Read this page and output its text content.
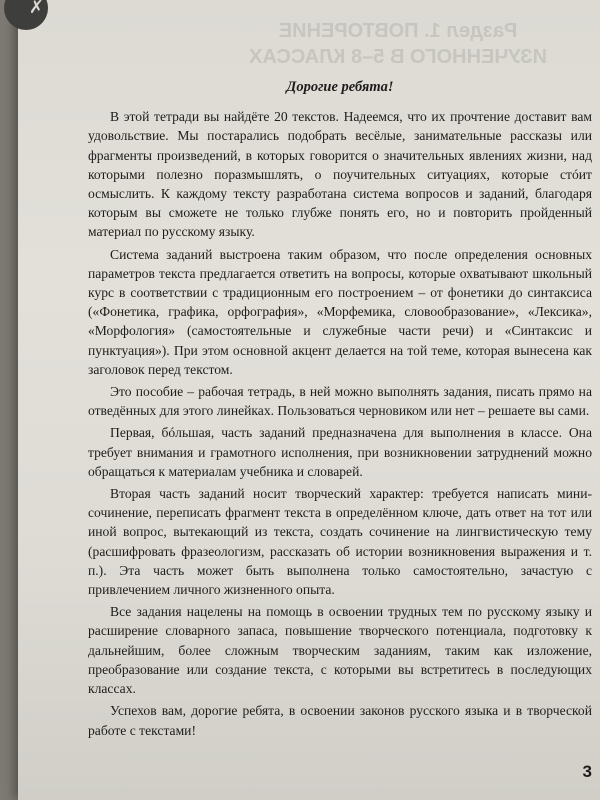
✗
Раздел 1. ПОВТОРЕНИЕ
ИЗУЧЕННОГО В 5–8 КЛАССАХ
Дорогие ребята!

В этой тетради вы найдёте 20 текстов. Надеемся, что их прочтение доставит вам удовольствие. Мы постарались подобрать весёлые, занимательные рассказы или фрагменты произведений, в которых говорится о значительных явлениях жизни, над которыми полезно поразмышлять, о поучительных ситуациях, которые стóит осмыслить. К каждому тексту разработана система вопросов и заданий, благодаря которым вы сможете не только глубже понять его, но и повторить пройденный материал по русскому языку.

Система заданий выстроена таким образом, что после определения основных параметров текста предлагается ответить на вопросы, которые охватывают школьный курс в соответствии с традиционным его построением – от фонетики до синтаксиса («Фонетика, графика, орфография», «Морфемика, словообразование», «Лексика», «Морфология» (самостоятельные и служебные части речи) и «Синтаксис и пунктуация»). При этом основной акцент делается на той теме, которая вынесена как заголовок перед текстом.

Это пособие – рабочая тетрадь, в ней можно выполнять задания, писать прямо на отведённых для этого линейках. Пользоваться черновиком или нет – решаете вы сами.

Первая, бóльшая, часть заданий предназначена для выполнения в классе. Она требует внимания и грамотного исполнения, при возникновении затруднений можно обращаться к материалам учебника и словарей.

Вторая часть заданий носит творческий характер: требуется написать мини-сочинение, переписать фрагмент текста в определённом ключе, дать ответ на тот или иной вопрос, вытекающий из текста, создать сочинение на лингвистическую тему (расшифровать фразеологизм, рассказать об истории возникновения выражения и т. п.). Эта часть может быть выполнена только самостоятельно, зачастую с привлечением личного жизненного опыта.

Все задания нацелены на помощь в освоении трудных тем по русскому языку и расширение словарного запаса, повышение творческого потенциала, подготовку к дальнейшим, более сложным творческим заданиям, таким как изложение, преобразование или создание текста, с которыми вы встретитесь в последующих классах.

Успехов вам, дорогие ребята, в освоении законов русского языка и в творческой работе с текстами!

3
